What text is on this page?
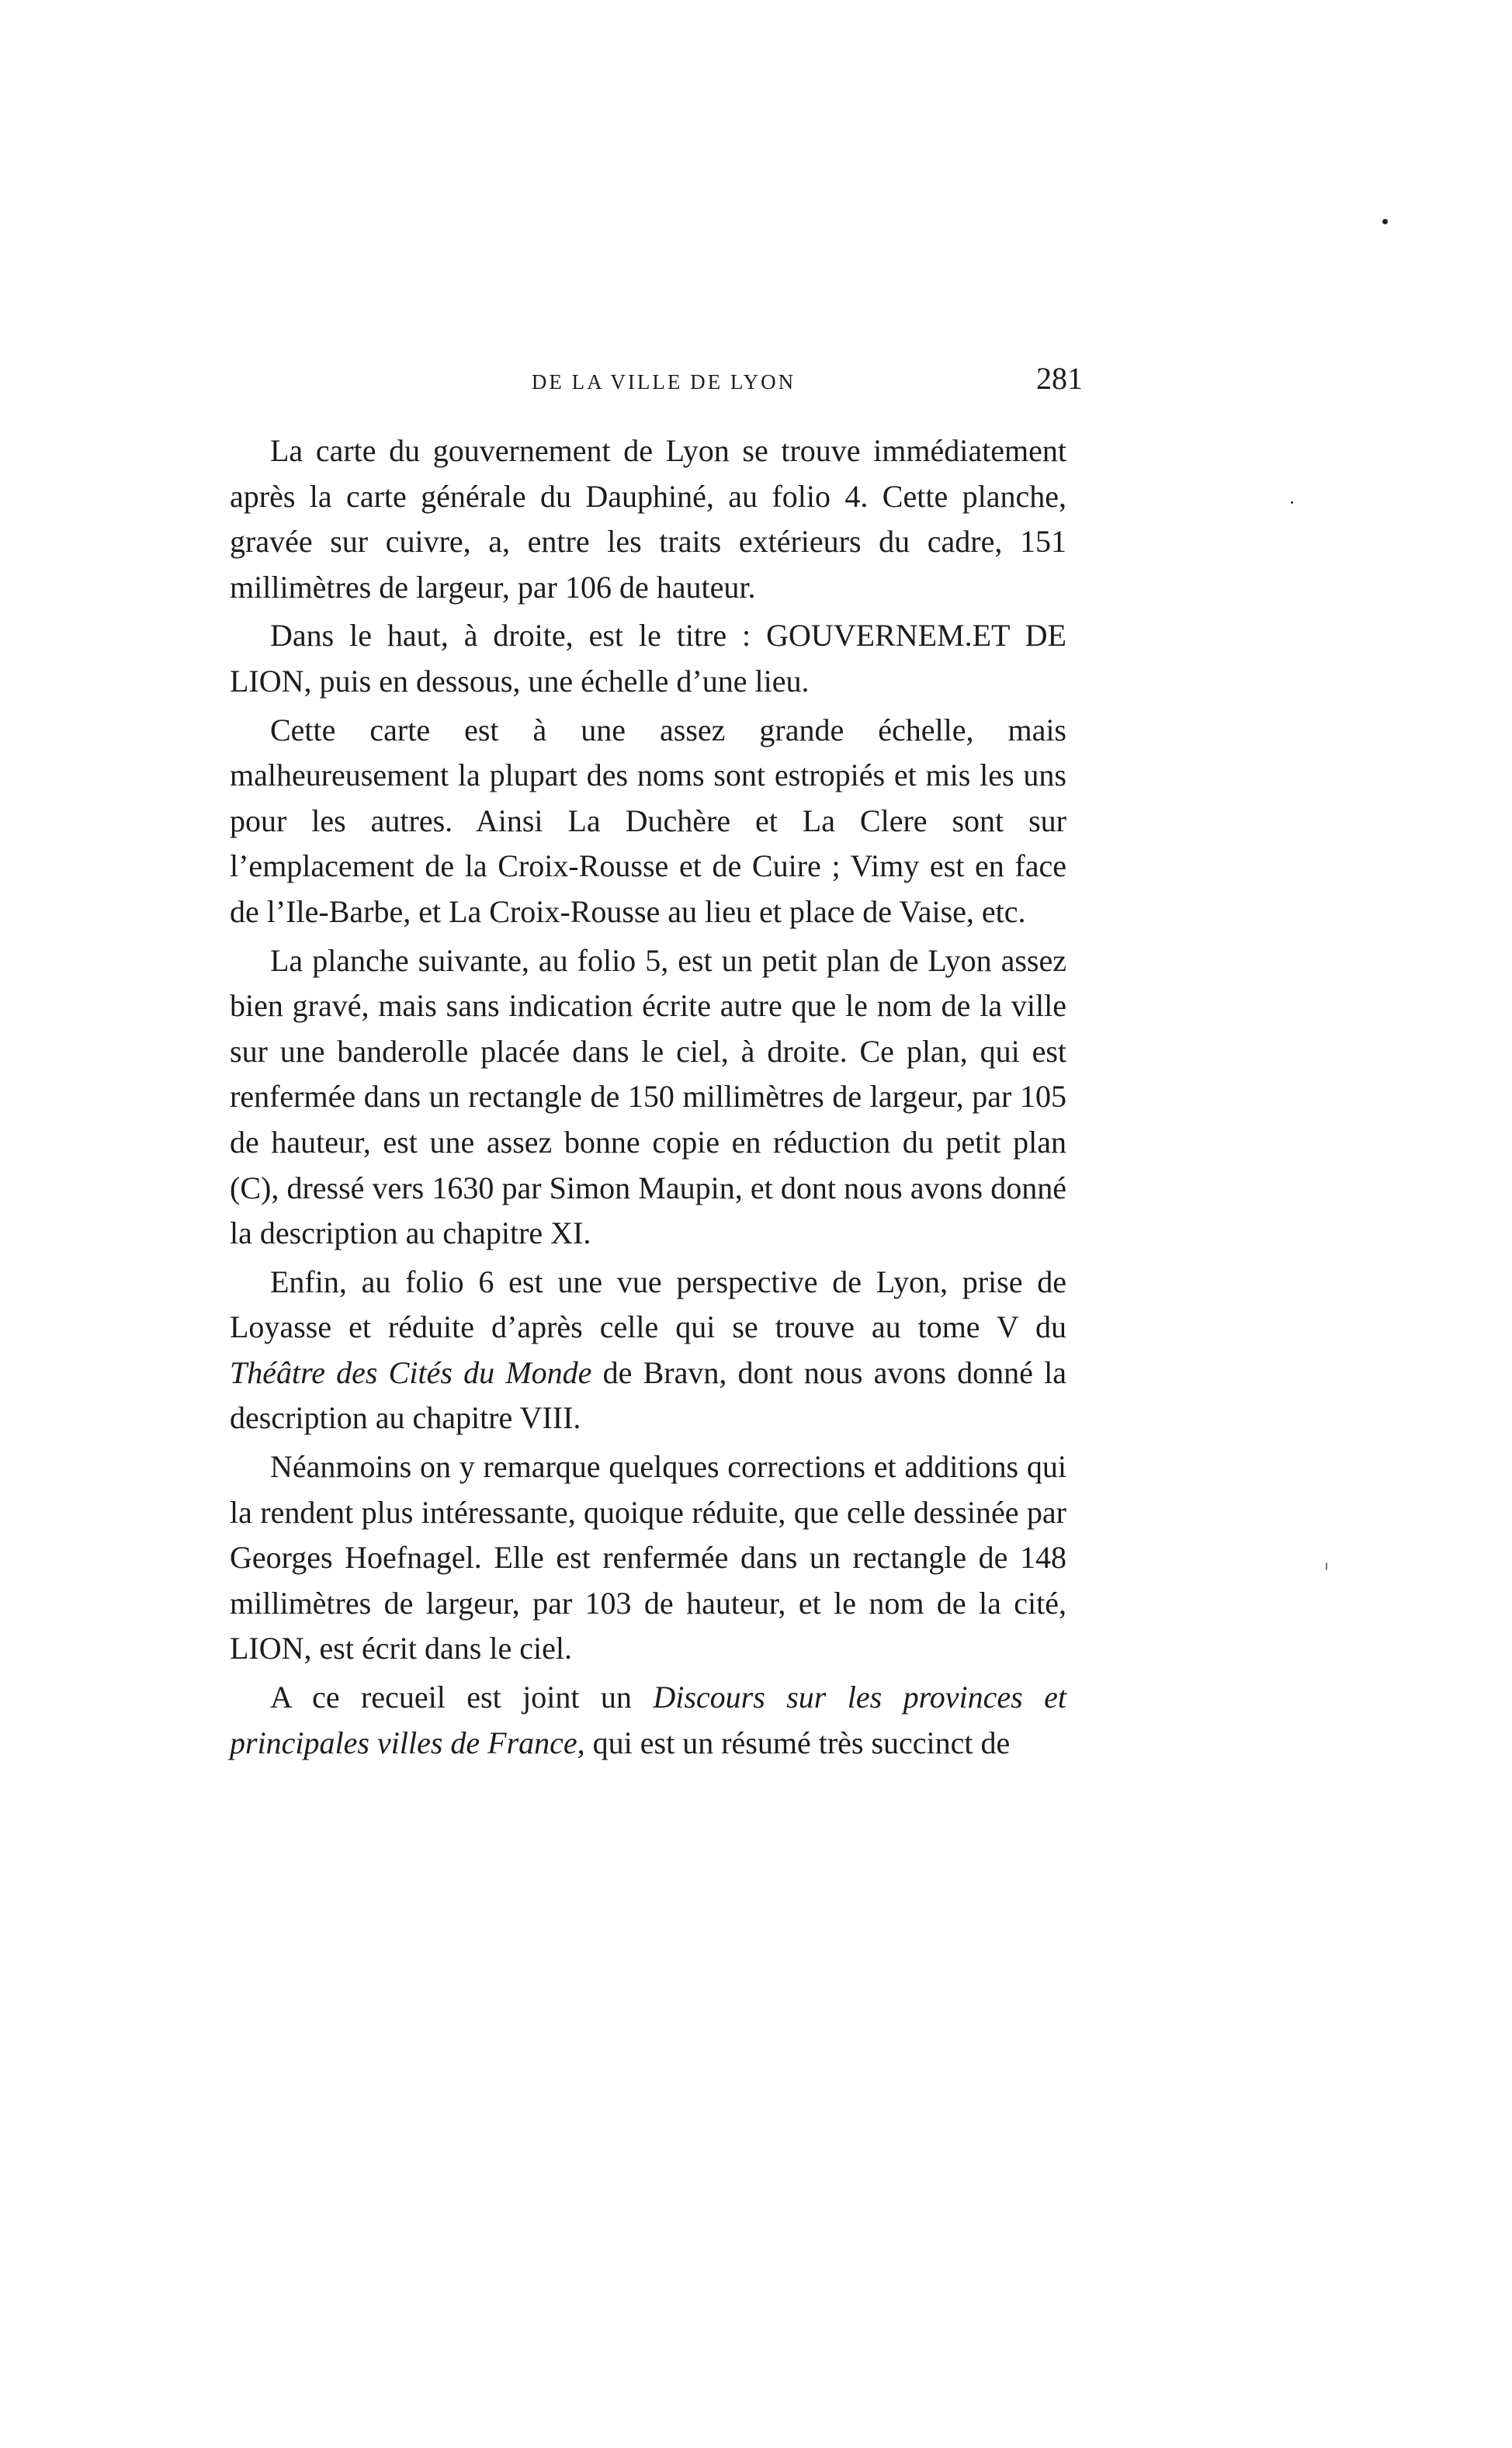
DE LA VILLE DE LYON	281

La carte du gouvernement de Lyon se trouve immédiatement après la carte générale du Dauphiné, au folio 4. Cette planche, gravée sur cuivre, a, entre les traits extérieurs du cadre, 151 millimètres de largeur, par 106 de hauteur.

Dans le haut, à droite, est le titre : GOUVERNEM.ET DE LION, puis en dessous, une échelle d’une lieu.

Cette carte est à une assez grande échelle, mais malheureusement la plupart des noms sont estropiés et mis les uns pour les autres. Ainsi La Duchère et La Clere sont sur l’emplacement de la Croix-Rousse et de Cuire ; Vimy est en face de l’Ile-Barbe, et La Croix-Rousse au lieu et place de Vaise, etc.

La planche suivante, au folio 5, est un petit plan de Lyon assez bien gravé, mais sans indication écrite autre que le nom de la ville sur une banderolle placée dans le ciel, à droite. Ce plan, qui est renfermée dans un rectangle de 150 millimètres de largeur, par 105 de hauteur, est une assez bonne copie en réduction du petit plan (C), dressé vers 1630 par Simon Maupin, et dont nous avons donné la description au chapitre XI.

Enfin, au folio 6 est une vue perspective de Lyon, prise de Loyasse et réduite d’après celle qui se trouve au tome V du Théâtre des Cités du Monde de Bravn, dont nous avons donné la description au chapitre VIII.

Néanmoins on y remarque quelques corrections et additions qui la rendent plus intéressante, quoique réduite, que celle dessinée par Georges Hoefnagel. Elle est renfermée dans un rectangle de 148 millimètres de largeur, par 103 de hauteur, et le nom de la cité, LION, est écrit dans le ciel.

A ce recueil est joint un Discours sur les provinces et principales villes de France, qui est un résumé très succinct de
